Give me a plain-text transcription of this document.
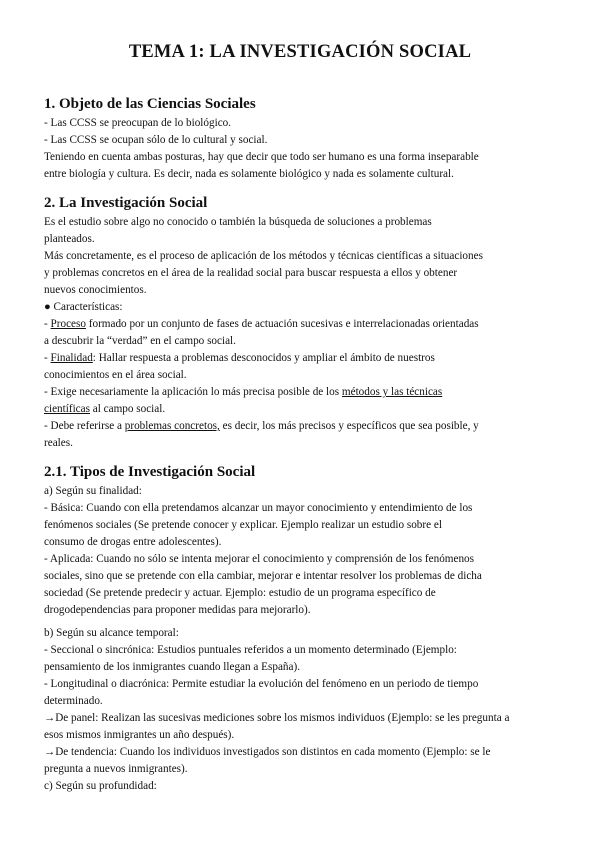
TEMA 1: LA INVESTIGACIÓN SOCIAL
1. Objeto de las Ciencias Sociales
- Las CCSS se preocupan de lo biológico.
- Las CCSS se ocupan sólo de lo cultural y social.
Teniendo en cuenta ambas posturas, hay que decir que todo ser humano es una forma inseparable
entre biología y cultura. Es decir, nada es solamente biológico y nada es solamente cultural.
2. La Investigación Social
Es el estudio sobre algo no conocido o también la búsqueda de soluciones a problemas
planteados.
Más concretamente, es el proceso de aplicación de los métodos y técnicas científicas a situaciones
y problemas concretos en el área de la realidad social para buscar respuesta a ellos y obtener
nuevos conocimientos.
● Características:
- Proceso formado por un conjunto de fases de actuación sucesivas e interrelacionadas orientadas
a descubrir la “verdad” en el campo social.
- Finalidad: Hallar respuesta a problemas desconocidos y ampliar el ámbito de nuestros
conocimientos en el área social.
- Exige necesariamente la aplicación lo más precisa posible de los métodos y las técnicas
científicas al campo social.
- Debe referirse a problemas concretos, es decir, los más precisos y específicos que sea posible, y
reales.
2.1. Tipos de Investigación Social
a) Según su finalidad:
- Básica: Cuando con ella pretendamos alcanzar un mayor conocimiento y entendimiento de los
fenómenos sociales (Se pretende conocer y explicar. Ejemplo realizar un estudio sobre el
consumo de drogas entre adolescentes).
- Aplicada: Cuando no sólo se intenta mejorar el conocimiento y comprensión de los fenómenos
sociales, sino que se pretende con ella cambiar, mejorar e intentar resolver los problemas de dicha
sociedad (Se pretende predecir y actuar. Ejemplo: estudio de un programa específico de
drogodependencias para proponer medidas para mejorarlo).
b) Según su alcance temporal:
- Seccional o sincrónica: Estudios puntuales referidos a un momento determinado (Ejemplo:
pensamiento de los inmigrantes cuando llegan a España).
- Longitudinal o diacrónica: Permite estudiar la evolución del fenómeno en un periodo de tiempo
determinado.
→De panel: Realizan las sucesivas mediciones sobre los mismos individuos (Ejemplo: se les pregunta a
esos mismos inmigrantes un año después).
→De tendencia: Cuando los individuos investigados son distintos en cada momento (Ejemplo: se le
pregunta a nuevos inmigrantes).
c) Según su profundidad:
